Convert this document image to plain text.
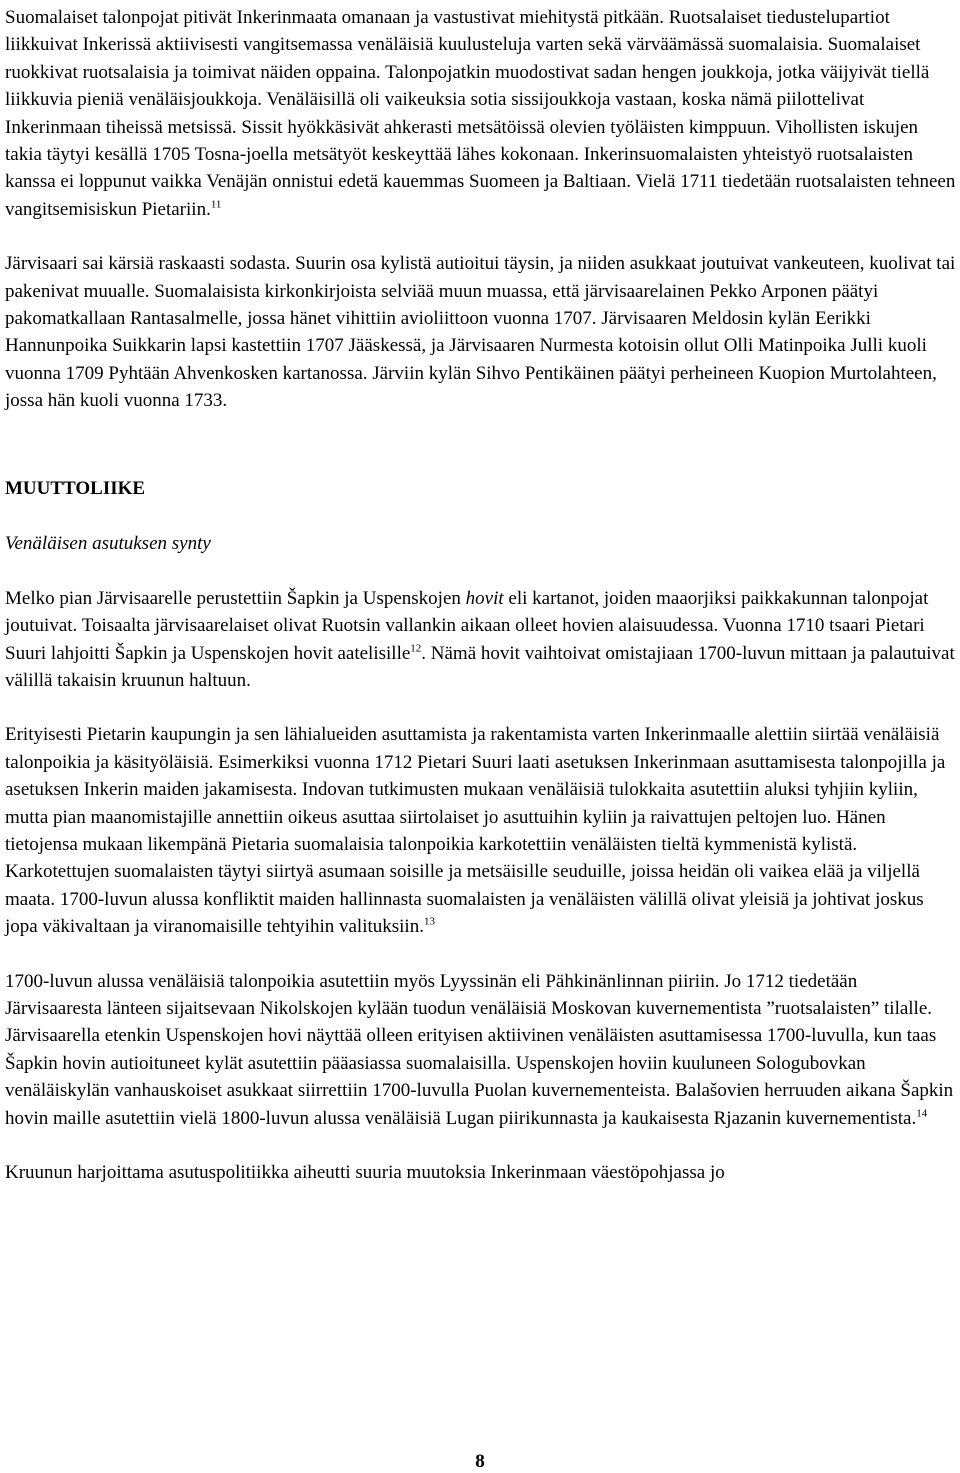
Suomalaiset talonpojat pitivät Inkerinmaata omanaan ja vastustivat miehitystä pitkään. Ruotsalaiset tiedustelupartiot liikkuivat Inkerissä aktiivisesti vangitsemassa venäläisiä kuulusteluja varten sekä värväämässä suomalaisia. Suomalaiset ruokkivat ruotsalaisia ja toimivat näiden oppaina. Talonpojatkin muodostivat sadan hengen joukkoja, jotka väijyivät tiellä liikkuvia pieniä venäläisjoukkoja. Venäläisillä oli vaikeuksia sotia sissijoukkoja vastaan, koska nämä piilottelivat Inkerinmaan tiheissä metsissä. Sissit hyökkäsivät ahkerasti metsätöissä olevien työläisten kimppuun. Vihollisten iskujen takia täytyi kesällä 1705 Tosna-joella metsätyöt keskeyttää lähes kokonaan. Inkerinsuomalaisten yhteistyö ruotsalaisten kanssa ei loppunut vaikka Venäjän onnistui edetä kauemmas Suomeen ja Baltiaan. Vielä 1711 tiedetään ruotsalaisten tehneen vangitsemisiskun Pietariin.$^{11}$

Järvisaari sai kärsiä raskaasti sodasta. Suurin osa kylistä autioitui täysin, ja niiden asukkaat joutuivat vankeuteen, kuolivat tai pakenivat muualle. Suomalaisista kirkonkirjoista selviää muun muassa, että järvisaarelainen Pekko Arponen päätyi pakomatkallaan Rantasalmelle, jossa hänet vihittiin avioliittoon vuonna 1707. Järvisaaren Meldosin kylän Eerikki Hannunpoika Suikkarin lapsi kastettiin 1707 Jääskessä, ja Järvisaaren Nurmesta kotoisin ollut Olli Matinpoika Julli kuoli vuonna 1709 Pyhtään Ahvenkosken kartanossa. Järviin kylän Sihvo Pentikäinen päätyi perheineen Kuopion Murtolahteen, jossa hän kuoli vuonna 1733.

MUUTTOLIIKE

Venäläisen asutuksen synty

Melko pian Järvisaarelle perustettiin Šapkin ja Uspenskojen hovit eli kartanot, joiden maaorjiksi paikkakunnan talonpojat joutuivat. Toisaalta järvisaarelaiset olivat Ruotsin vallankin aikaan olleet hovien alaisuudessa. Vuonna 1710 tsaari Pietari Suuri lahjoitti Šapkin ja Uspenskojen hovit aatelisille$^{12}$. Nämä hovit vaihtoivat omistajiaan 1700-luvun mittaan ja palautuivat välillä takaisin kruunun haltuun.

Erityisesti Pietarin kaupungin ja sen lähialueiden asuttamista ja rakentamista varten Inkerinmaalle alettiin siirtää venäläisiä talonpoikia ja käsityöläisiä. Esimerkiksi vuonna 1712 Pietari Suuri laati asetuksen Inkerinmaan asuttamisesta talonpojilla ja asetuksen Inkerin maiden jakamisesta. Indovan tutkimusten mukaan venäläisiä tulokkaita asutettiin aluksi tyhjiin kyliin, mutta pian maanomistajille annettiin oikeus asuttaa siirtolaiset jo asuttuihin kyliin ja raivattujen peltojen luo. Hänen tietojensa mukaan likempänä Pietaria suomalaisia talonpoikia karkotettiin venäläisten tieltä kymmenistä kylistä. Karkotettujen suomalaisten täytyi siirtyä asumaan soisille ja metsäisille seuduille, joissa heidän oli vaikea elää ja viljellä maata. 1700-luvun alussa konfliktit maiden hallinnasta suomalaisten ja venäläisten välillä olivat yleisiä ja johtivat joskus jopa väkivaltaan ja viranomaisille tehtyihin valituksiin.$^{13}$

1700-luvun alussa venäläisiä talonpoikia asutettiin myös Lyyssinän eli Pähkinänlinnan piiriin. Jo 1712 tiedetään Järvisaaresta länteen sijaitsevaan Nikolskojen kylään tuodun venäläisiä Moskovan kuvernementista ”ruotsalaisten” tilalle. Järvisaarella etenkin Uspenskojen hovi näyttää olleen erityisen aktiivinen venäläisten asuttamisessa 1700-luvulla, kun taas Šapkin hovin autioituneet kylät asutettiin pääasiassa suomalaisilla. Uspenskojen hoviin kuuluneen Sologubovkan venäläiskylän vanhauskoiset asukkaat siirrettiin 1700-luvulla Puolan kuvernementeista. Balašovien herruuden aikana Šapkin hovin maille asutettiin vielä 1800-luvun alussa venäläisiä Lugan piirikunnasta ja kaukaisesta Rjazanin kuvernementista.$^{14}$

Kruunun harjoittama asutuspolitiikka aiheutti suuria muutoksia Inkerinmaan väestöpohjassa jo

8
